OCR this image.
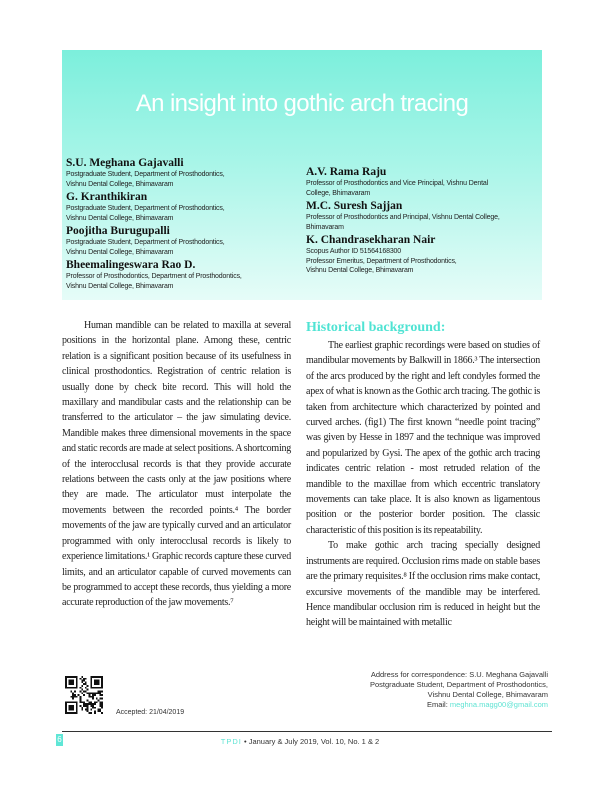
An insight into gothic arch tracing
S.U. Meghana Gajavalli
Postgraduate Student, Department of Prosthodontics,
Vishnu Dental College, Bhimavaram
G. Kranthikiran
Postgraduate Student, Department of Prosthodontics,
Vishnu Dental College, Bhimavaram
Poojitha Burugupalli
Postgraduate Student, Department of Prosthodontics,
Vishnu Dental College, Bhimavaram
Bheemalingeswara Rao D.
Professor of Prosthodontics, Department of Prosthodontics,
Vishnu Dental College, Bhimavaram
A.V. Rama Raju
Professor of Prosthodontics and Vice Principal, Vishnu Dental
College, Bhimavaram
M.C. Suresh Sajjan
Professor of Prosthodontics and Principal, Vishnu Dental College,
Bhimavaram
K. Chandrasekharan Nair
Scopus Author ID 51564168300
Professor Emeritus, Department of Prosthodontics,
Vishnu Dental College, Bhimavaram

Human mandible can be related to maxilla at several positions in the horizontal plane. Among these, centric relation is a significant position because of its usefulness in clinical prosthodontics. Registration of centric relation is usually done by check bite record. This will hold the maxillary and mandibular casts and the relationship can be transferred to the articulator – the jaw simulating device. Mandible makes three dimensional movements in the space and static records are made at select positions. A shortcoming of the interocclusal records is that they provide accurate relations between the casts only at the jaw positions where they are made. The articulator must interpolate the movements between the recorded points.⁴ The border movements of the jaw are typically curved and an articulator programmed with only interocclusal records is likely to experience limitations.¹ Graphic records capture these curved limits, and an articulator capable of curved movements can be programmed to accept these records, thus yielding a more accurate reproduction of the jaw movements.⁷

Historical background:

The earliest graphic recordings were based on studies of mandibular movements by Balkwill in 1866.³ The intersection of the arcs produced by the right and left condyles formed the apex of what is known as the Gothic arch tracing. The gothic is taken from architecture which characterized by pointed and curved arches. (fig1) The first known “needle point tracing” was given by Hesse in 1897 and the technique was improved and popularized by Gysi. The apex of the gothic arch tracing indicates centric relation - most retruded relation of the mandible to the maxillae from which eccentric translatory movements can take place. It is also known as ligamentous position or the posterior border position. The classic characteristic of this position is its repeatability.

To make gothic arch tracing specially designed instruments are required. Occlusion rims made on stable bases are the primary requisites.⁸ If the occlusion rims make contact, excursive movements of the mandible may be interfered. Hence mandibular occlusion rim is reduced in height but the height will be maintained with metallic

Accepted: 21/04/2019
Address for correspondence: S.U. Meghana Gajavalli
Postgraduate Student, Department of Prosthodontics,
Vishnu Dental College, Bhimavaram
Email: meghna.magg00@gmail.com
6	TPDI • January & July 2019, Vol. 10, No. 1 & 2
